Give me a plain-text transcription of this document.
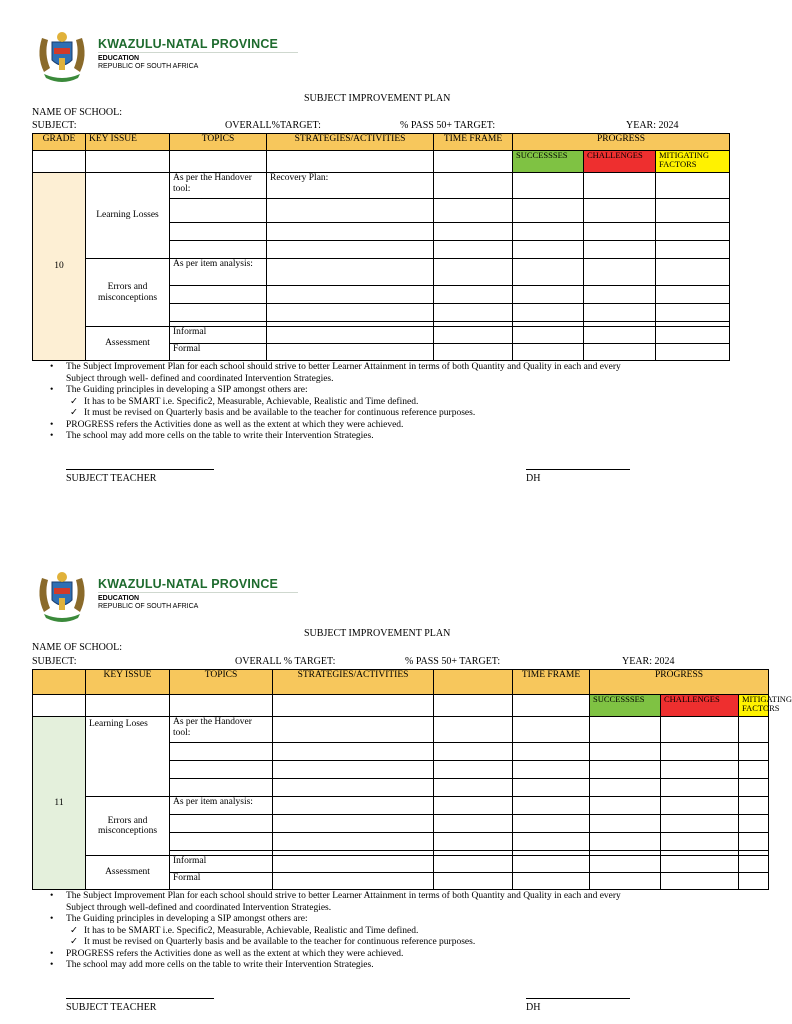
KWAZULU-NATAL PROVINCE
EDUCATION
REPUBLIC OF SOUTH AFRICA
SUBJECT IMPROVEMENT PLAN
NAME OF SCHOOL:
SUBJECT:	OVERALL%TARGET:	% PASS 50+ TARGET:	YEAR: 2024
GRADE	KEY ISSUE	TOPICS	STRATEGIES/ACTIVITIES	TIME FRAME	PROGRESS		
					SUCCESSSES	CHALLENGES	MITIGATING FACTORS
10	Learning Losses	As per the Handover tool:	Recovery Plan:				

	Errors and misconceptions	As per item analysis:					

	Assessment	Informal					
		Formal					
• The Subject Improvement Plan for each school should strive to better Learner Attainment in terms of both Quantity and Quality in each and every
Subject through well- defined and coordinated Intervention Strategies.
• The Guiding principles in developing a SIP amongst others are:
✓ It has to be SMART i.e. Specific2, Measurable, Achievable, Realistic and Time defined.
✓ It must be revised on Quarterly basis and be available to the teacher for continuous reference purposes.
• PROGRESS refers the Activities done as well as the extent at which they were achieved.
• The school may add more cells on the table to write their Intervention Strategies.
SUBJECT TEACHER	DH
KWAZULU-NATAL PROVINCE
EDUCATION
REPUBLIC OF SOUTH AFRICA
SUBJECT IMPROVEMENT PLAN
NAME OF SCHOOL:
SUBJECT:	OVERALL % TARGET:	% PASS 50+ TARGET:	YEAR: 2024
	KEY ISSUE	TOPICS	STRATEGIES/ACTIVITIES		TIME FRAME	PROGRESS		
						SUCCESSSES	CHALLENGES	MITIGATING FACTORS
11	Learning Loses	As per the Handover tool:						

	Errors and misconceptions	As per item analysis:						

	Assessment	Informal						
		Formal						
• The Subject Improvement Plan for each school should strive to better Learner Attainment in terms of both Quantity and Quality in each and every
Subject through well-defined and coordinated Intervention Strategies.
• The Guiding principles in developing a SIP amongst others are:
✓ It has to be SMART i.e. Specific2, Measurable, Achievable, Realistic and Time defined.
✓ It must be revised on Quarterly basis and be available to the teacher for continuous reference purposes.
• PROGRESS refers the Activities done as well as the extent at which they were achieved.
• The school may add more cells on the table to write their Intervention Strategies.
SUBJECT TEACHER	DH
